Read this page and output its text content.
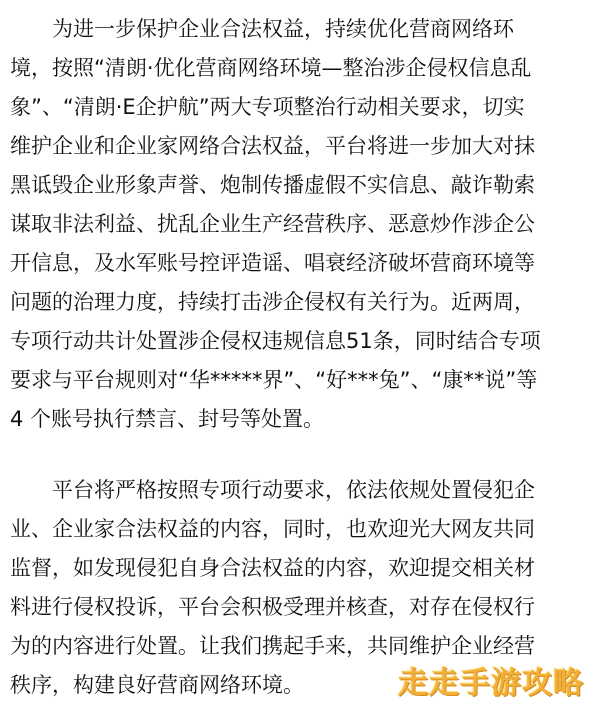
为进一步保护企业合法权益，持续优化营商网络环
境，按照“清朗·优化营商网络环境—整治涉企侵权信息乱
象”、“清朗·E企护航”两大专项整治行动相关要求，切实
维护企业和企业家网络合法权益，平台将进一步加大对抹
黑诋毁企业形象声誉、炮制传播虚假不实信息、敲诈勒索
谋取非法利益、扰乱企业生产经营秩序、恶意炒作涉企公
开信息，及水军账号控评造谣、唱衰经济破坏营商环境等
问题的治理力度，持续打击涉企侵权有关行为。近两周，
专项行动共计处置涉企侵权违规信息51条，同时结合专项
要求与平台规则对“华*****界”、“好***兔”、“康**说”等
4 个账号执行禁言、封号等处置。
平台将严格按照专项行动要求，依法依规处置侵犯企
业、企业家合法权益的内容，同时，也欢迎光大网友共同
监督，如发现侵犯自身合法权益的内容，欢迎提交相关材
料进行侵权投诉，平台会积极受理并核查，对存在侵权行
为的内容进行处置。让我们携起手来，共同维护企业经营
秩序，构建良好营商网络环境。	走走手游攻略
